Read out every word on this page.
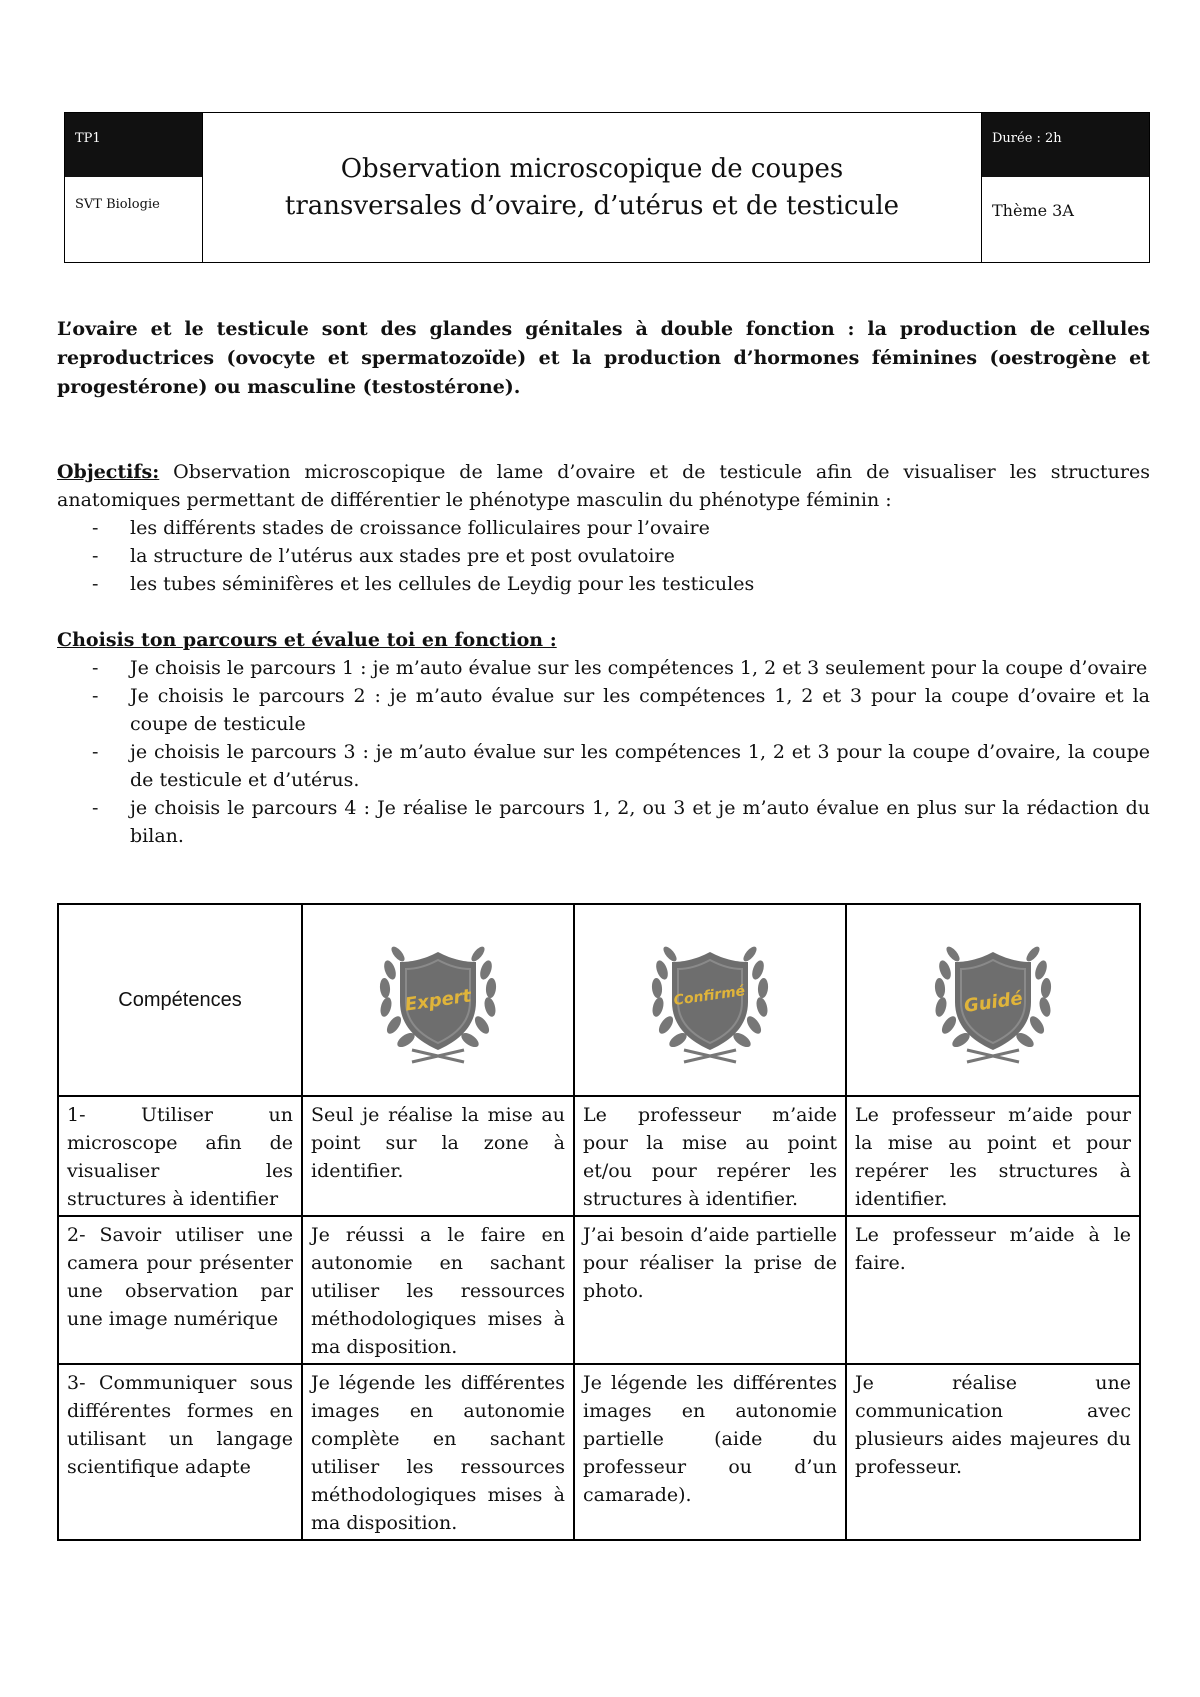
TP1
SVT Biologie
Observation microscopique de coupes
transversales d’ovaire, d’utérus et de testicule
Durée : 2h
Thème 3A

L’ovaire et le testicule sont des glandes génitales à double fonction : la production de cellules reproductrices (ovocyte et spermatozoïde) et la production d’hormones féminines (oestrogène et progestérone) ou masculine (testostérone).

Objectifs: Observation microscopique de lame d’ovaire et de testicule afin de visualiser les structures anatomiques permettant de différentier le phénotype masculin du phénotype féminin :

- les différents stades de croissance folliculaires pour l’ovaire
- la structure de l’utérus aux stades pre et post ovulatoire
- les tubes séminifères et les cellules de Leydig pour les testicules

Choisis ton parcours et évalue toi en fonction :

- Je choisis le parcours 1 : je m’auto évalue sur les compétences 1, 2 et 3 seulement pour la coupe d’ovaire
- Je choisis le parcours 2 : je m’auto évalue sur les compétences 1, 2 et 3 pour la coupe d’ovaire et la coupe de testicule
- je choisis le parcours 3 : je m’auto évalue sur les compétences 1, 2 et 3 pour la coupe d’ovaire, la coupe de testicule et d’utérus.
- je choisis le parcours 4 : Je réalise le parcours 1, 2, ou 3 et je m’auto évalue en plus sur la rédaction du bilan.
Compétences	Expert	Confirmé	Guidé

1- Utiliser un microscope afin de visualiser les structures à identifier	Seul je réalise la mise au point sur la zone à identifier.	Le professeur m’aide pour la mise au point et/ou pour repérer les structures à identifier.	Le professeur m’aide pour la mise au point et pour repérer les structures à identifier.
2- Savoir utiliser une camera pour présenter une observation par une image numérique	Je réussi a le faire en autonomie en sachant utiliser les ressources méthodologiques mises à ma disposition.	J’ai besoin d’aide partielle pour réaliser la prise de photo.	Le professeur m’aide à le faire.
3- Communiquer sous différentes formes en utilisant un langage scientifique adapte	Je légende les différentes images en autonomie complète en sachant utiliser les ressources méthodologiques mises à ma disposition.	Je légende les différentes images en autonomie partielle (aide du professeur ou d’un camarade).	Je réalise une communication avec plusieurs aides majeures du professeur.
